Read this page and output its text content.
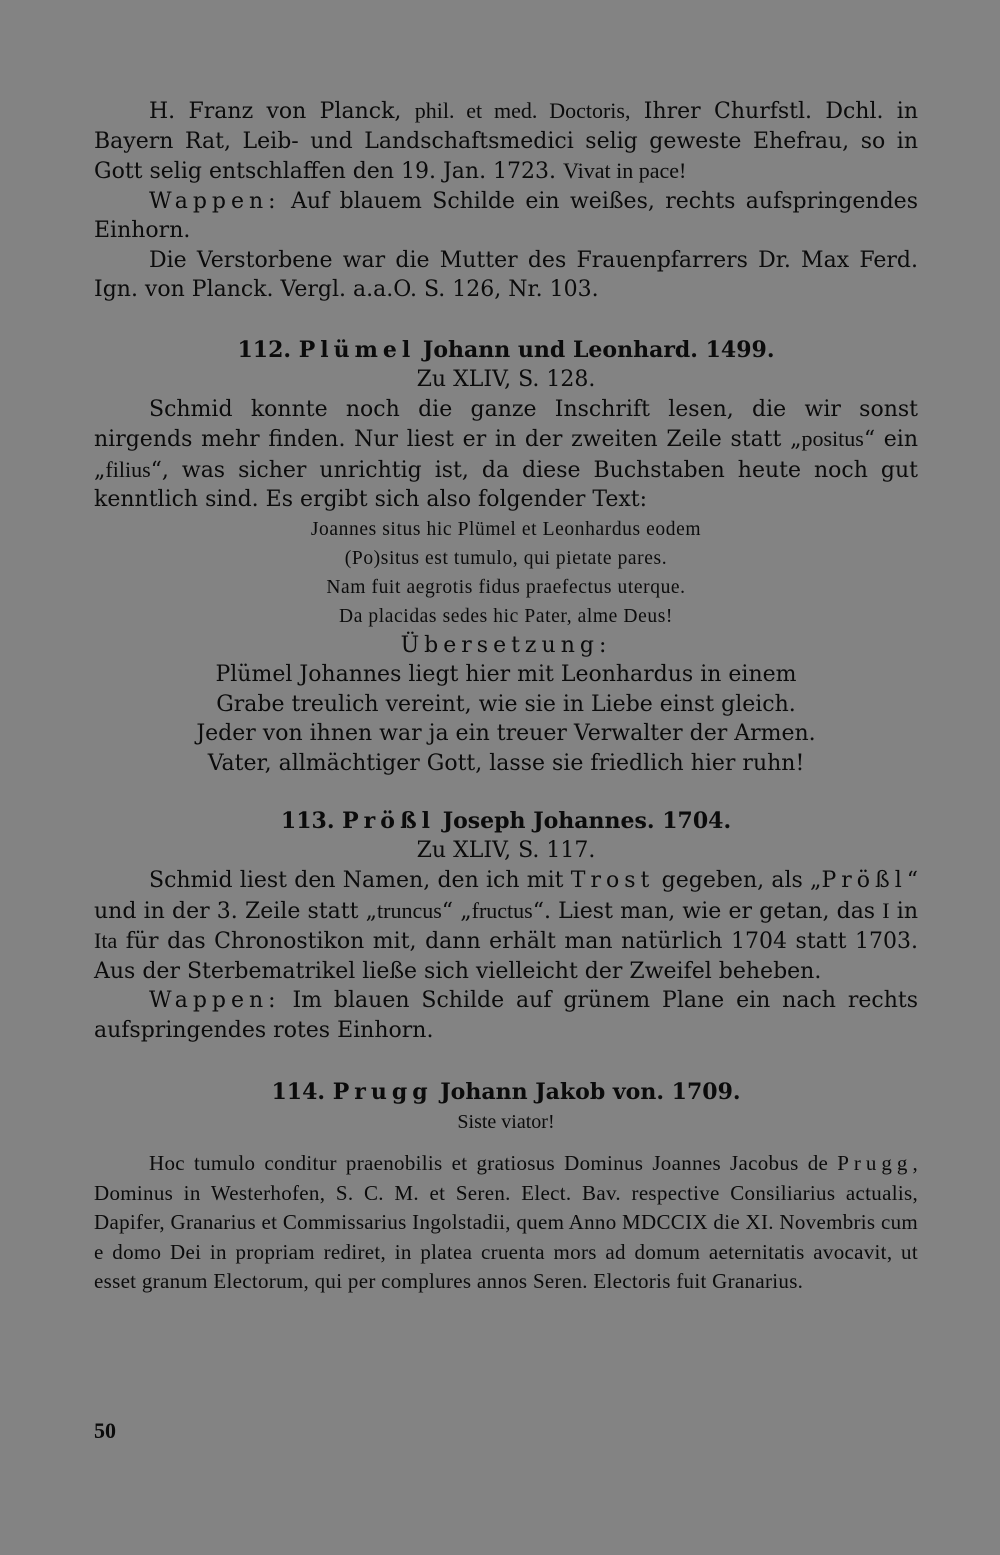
H. Franz von Planck, phil. et med. Doctoris, Ihrer Churfstl. Dchl. in Bayern Rat, Leib- und Landschaftsmedici selig geweste Ehefrau, so in Gott selig entschlaffen den 19. Jan. 1723. Vivat in pace!

Wappen: Auf blauem Schilde ein weißes, rechts aufspringendes Einhorn.

Die Verstorbene war die Mutter des Frauenpfarrers Dr. Max Ferd. Ign. von Planck. Vergl. a.a.O. S. 126, Nr. 103.

112. Plümel Johann und Leonhard. 1499.

Zu XLIV, S. 128.

Schmid konnte noch die ganze Inschrift lesen, die wir sonst nirgends mehr finden. Nur liest er in der zweiten Zeile statt „positus“ ein „filius“, was sicher unrichtig ist, da diese Buchstaben heute noch gut kenntlich sind. Es ergibt sich also folgender Text:

Joannes situs hic Plümel et Leonhardus eodem

(Po)situs est tumulo, qui pietate pares.

Nam fuit aegrotis fidus praefectus uterque.

Da placidas sedes hic Pater, alme Deus!

Übersetzung:

Plümel Johannes liegt hier mit Leonhardus in einem

Grabe treulich vereint, wie sie in Liebe einst gleich.

Jeder von ihnen war ja ein treuer Verwalter der Armen.

Vater, allmächtiger Gott, lasse sie friedlich hier ruhn!

113. Prößl Joseph Johannes. 1704.

Zu XLIV, S. 117.

Schmid liest den Namen, den ich mit Trost gegeben, als „Prößl“ und in der 3. Zeile statt „truncus“ „fructus“. Liest man, wie er getan, das I in Ita für das Chronostikon mit, dann erhält man natürlich 1704 statt 1703. Aus der Sterbematrikel ließe sich vielleicht der Zweifel beheben.

Wappen: Im blauen Schilde auf grünem Plane ein nach rechts aufspringendes rotes Einhorn.

114. Prugg Johann Jakob von. 1709.

Siste viator!

Hoc tumulo conditur praenobilis et gratiosus Dominus Joannes Jacobus de Prugg, Dominus in Westerhofen, S. C. M. et Seren. Elect. Bav. respective Consiliarius actualis, Dapifer, Granarius et Commissarius Ingolstadii, quem Anno MDCCIX die XI. Novembris cum e domo Dei in propriam rediret, in platea cruenta mors ad domum aeternitatis avocavit, ut esset granum Electorum, qui per complures annos Seren. Electoris fuit Granarius.

50
